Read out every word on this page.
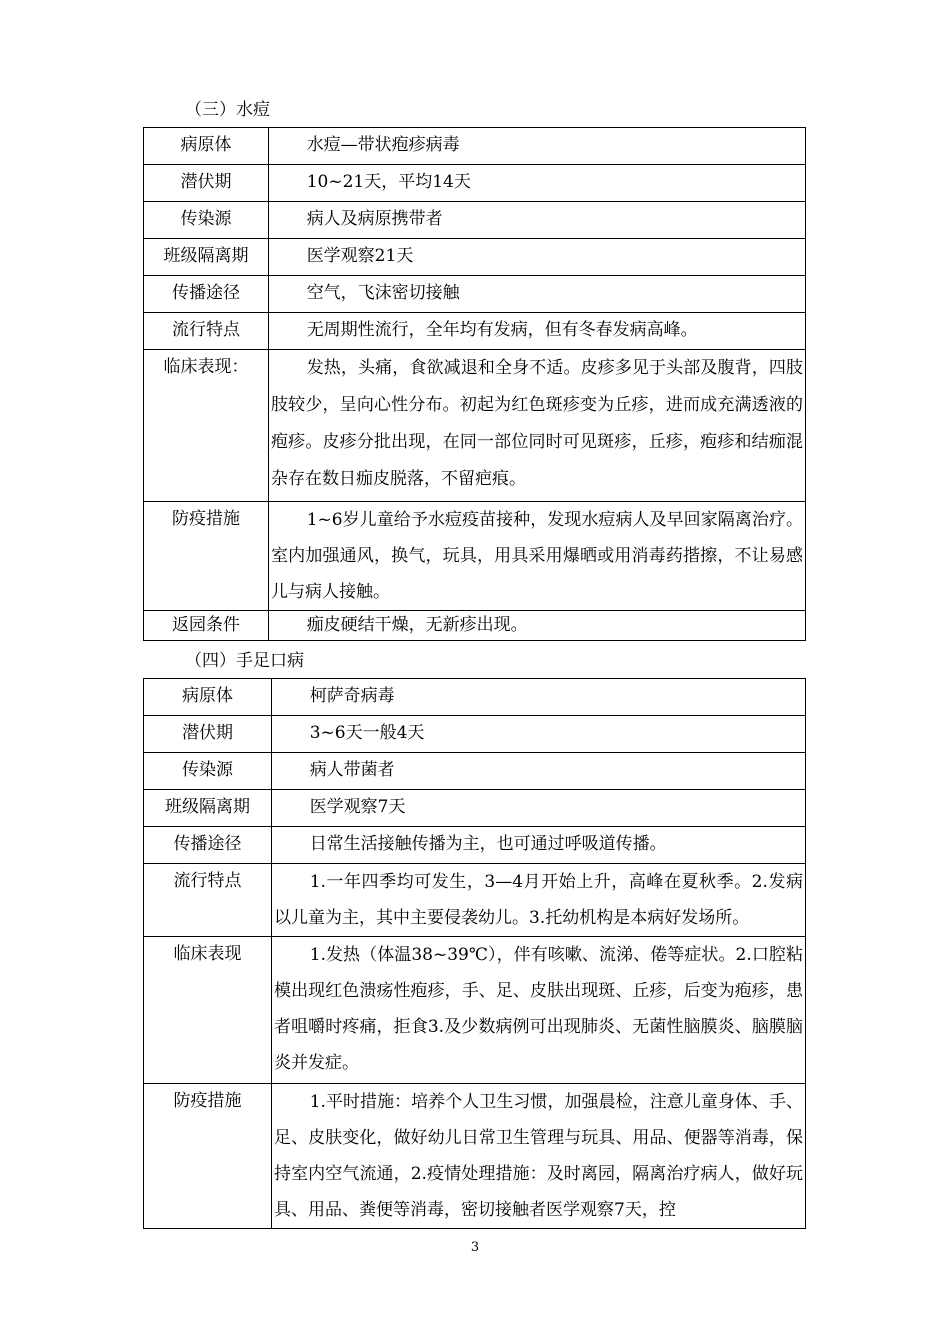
（三）水痘
病原体	水痘—带状疱疹病毒

潜伏期	10~21天，平均14天

传染源	病人及病原携带者

班级隔离期	医学观察21天

传播途径	空气，飞沫密切接触

流行特点	无周期性流行，全年均有发病，但有冬春发病高峰。

临床表现：	发热，头痛，食欲减退和全身不适。皮疹多见于头部及腹背，四肢肢较少，呈向心性分布。初起为红色斑疹变为丘疹，进而成充满透液的疱疹。皮疹分批出现，在同一部位同时可见斑疹，丘疹，疱疹和结痂混杂存在数日痂皮脱落，不留疤痕。

防疫措施	1~6岁儿童给予水痘疫苗接种，发现水痘病人及早回家隔离治疗。室内加强通风，换气，玩具，用具采用爆晒或用消毒药揩擦，不让易感儿与病人接触。

返园条件	痂皮硬结干燥，无新疹出现。
（四）手足口病
病原体	柯萨奇病毒

潜伏期	3~6天一般4天

传染源	病人带菌者

班级隔离期	医学观察7天

传播途径	日常生活接触传播为主，也可通过呼吸道传播。

流行特点	1.一年四季均可发生，3—4月开始上升，高峰在夏秋季。2.发病以儿童为主，其中主要侵袭幼儿。3.托幼机构是本病好发场所。

临床表现	1.发热（体温38~39℃），伴有咳嗽、流涕、倦等症状。2.口腔粘模出现红色溃疡性疱疹，手、足、皮肤出现斑、丘疹，后变为疱疹，患者咀嚼时疼痛，拒食3.及少数病例可出现肺炎、无菌性脑膜炎、脑膜脑炎并发症。

防疫措施	1.平时措施：培养个人卫生习惯，加强晨检，注意儿童身体、手、足、皮肤变化，做好幼儿日常卫生管理与玩具、用品、便器等消毒，保持室内空气流通，2.疫情处理措施：及时离园，隔离治疗病人，做好玩具、用品、粪便等消毒，密切接触者医学观察7天，控
3
